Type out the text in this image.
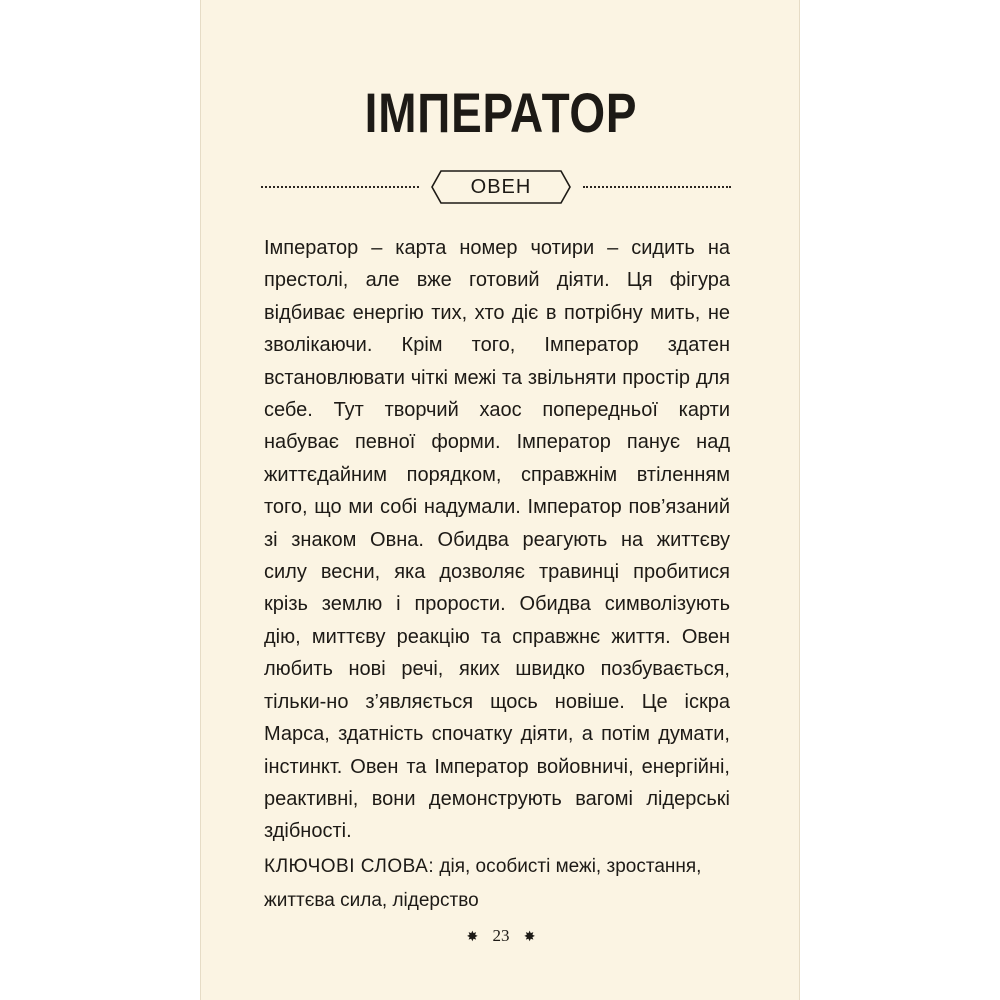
ІМПЕРАТОР
ОВЕН

Імператор – карта номер чотири – сидить на престолі, але вже готовий діяти. Ця фігура відбиває енергію тих, хто діє в потрібну мить, не зволікаючи. Крім того, Імператор здатен встановлювати чіткі межі та звільняти простір для себе. Тут творчий хаос попередньої карти набуває певної форми. Імператор панує над життєдайним порядком, справжнім втіленням того, що ми собі надумали. Імператор пов’язаний зі знаком Овна. Обидва реагують на життєву силу весни, яка дозволяє травинці пробитися крізь землю і прорости. Обидва символізують дію, миттєву реакцію та справжнє життя. Овен любить нові речі, яких швидко позбувається, тільки-но з’являється щось новіше. Це іскра Марса, здатність спочатку діяти, а потім думати, інстинкт. Овен та Імператор войовничі, енергійні, реактивні, вони демонструють вагомі лідерські здібності.

КЛЮЧОВІ СЛОВА: дія, особисті межі, зростання, життєва сила, лідерство
✸ 23 ✸
